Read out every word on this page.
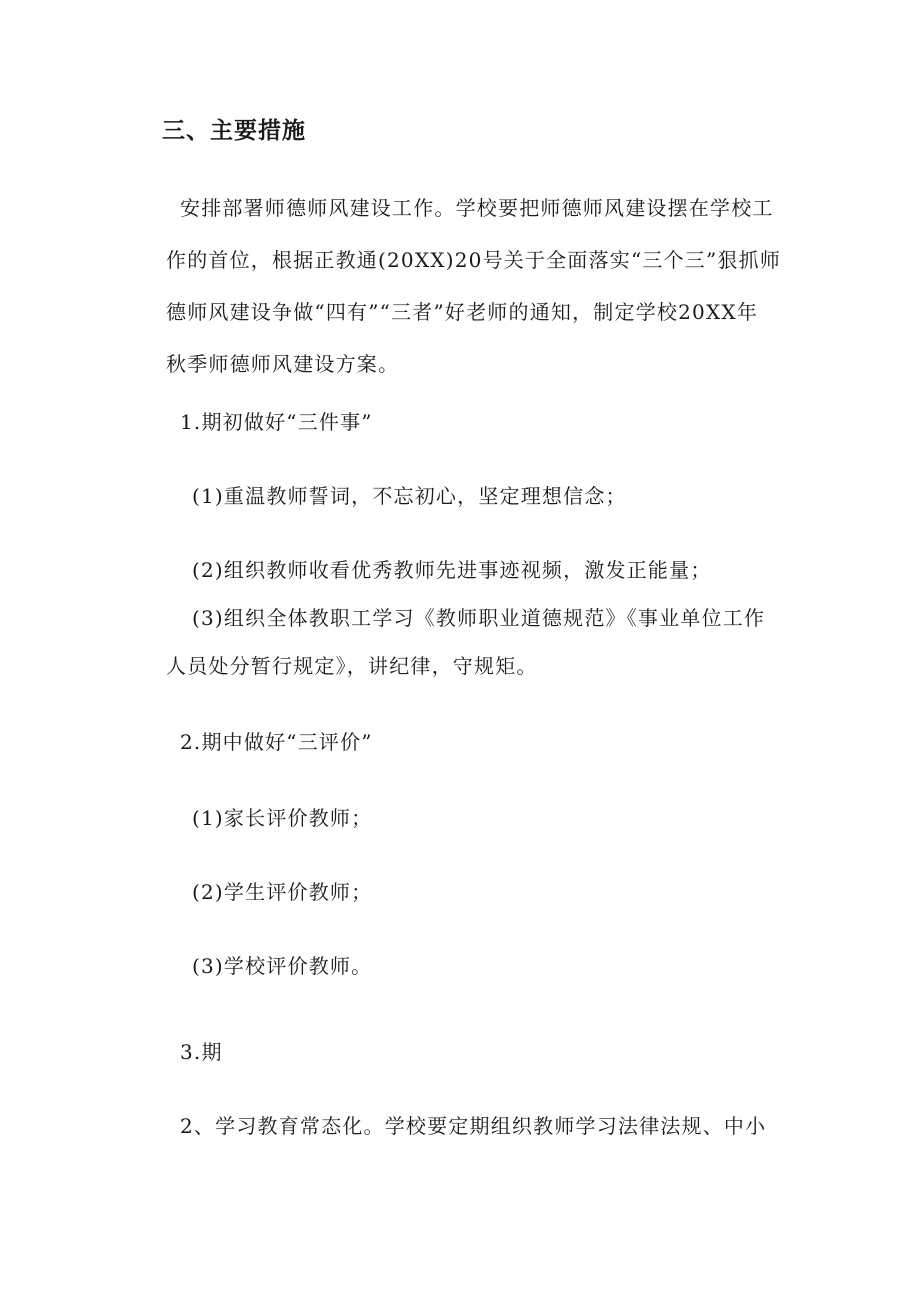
三、主要措施
安排部署师德师风建设工作。学校要把师德师风建设摆在学校工
作的首位，根据正教通(20XX)20号关于全面落实“三个三”狠抓师
德师风建设争做“四有”“三者”好老师的通知，制定学校20XX年
秋季师德师风建设方案。
1.期初做好“三件事”
(1)重温教师誓词，不忘初心，坚定理想信念；
(2)组织教师收看优秀教师先进事迹视频，激发正能量；
(3)组织全体教职工学习《教师职业道德规范》《事业单位工作
人员处分暂行规定》，讲纪律，守规矩。
2.期中做好“三评价”
(1)家长评价教师；
(2)学生评价教师；
(3)学校评价教师。
3.期
2、学习教育常态化。学校要定期组织教师学习法律法规、中小
